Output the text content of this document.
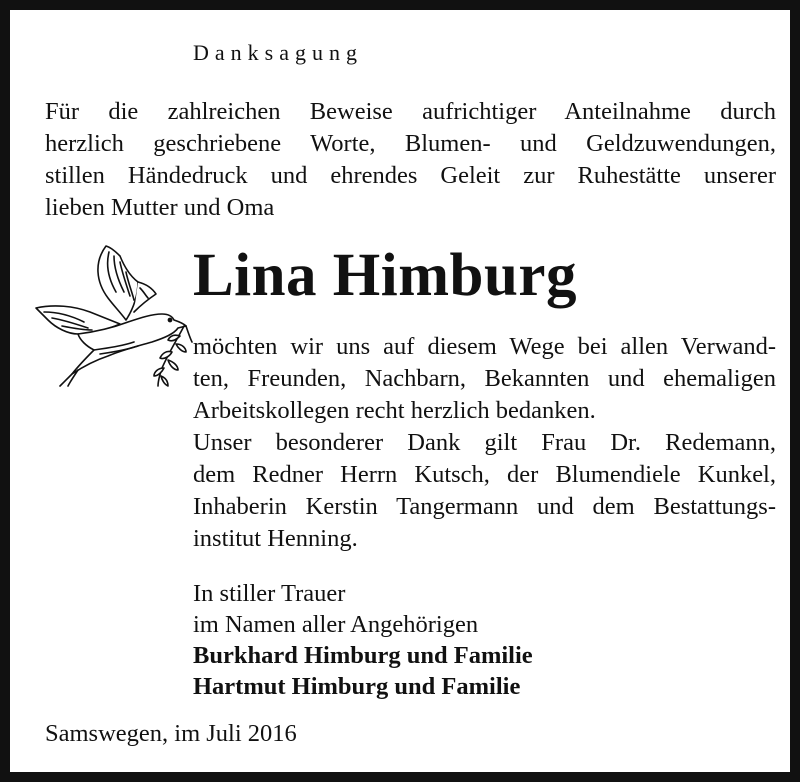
Danksagung
Für die zahlreichen Beweise aufrichtiger Anteilnahme durch
herzlich geschriebene Worte, Blumen- und Geldzuwendungen,
stillen Händedruck und ehrendes Geleit zur Ruhestätte unserer
lieben Mutter und Oma
Lina Himburg
möchten wir uns auf diesem Wege bei allen Verwand-
ten, Freunden, Nachbarn, Bekannten und ehemaligen
Arbeitskollegen recht herzlich bedanken.
Unser besonderer Dank gilt Frau Dr. Redemann,
dem Redner Herrn Kutsch, der Blumendiele Kunkel,
Inhaberin Kerstin Tangermann und dem Bestattungs-
institut Henning.
In stiller Trauer
im Namen aller Angehörigen
Burkhard Himburg und Familie
Hartmut Himburg und Familie
Samswegen, im Juli 2016
